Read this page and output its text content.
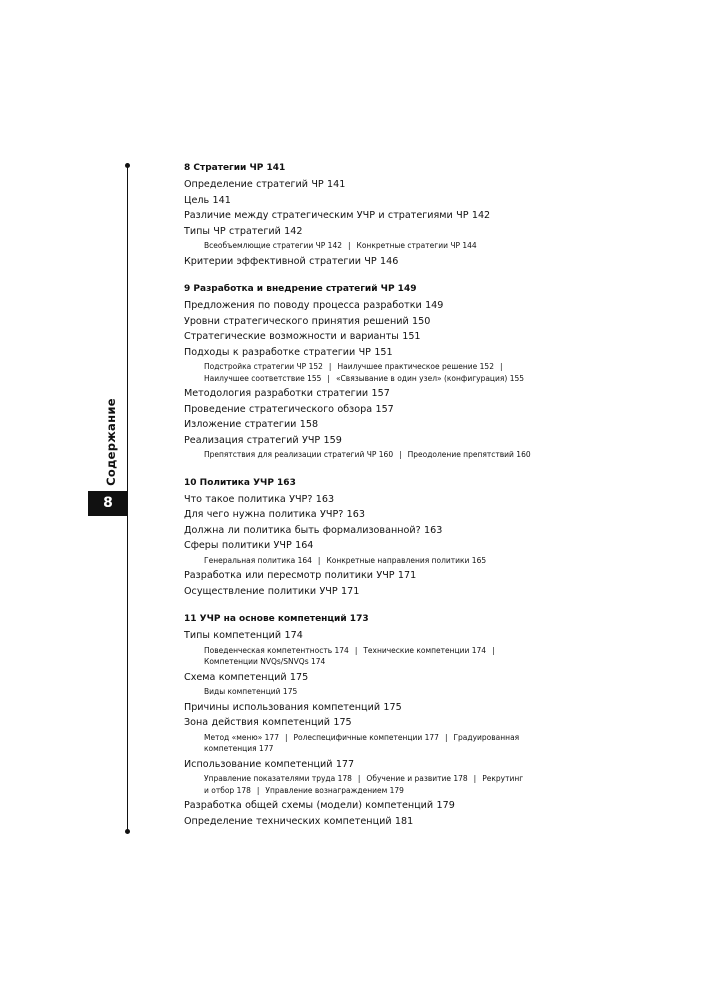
Содержание
8
8 Стратегии ЧР 141
Определение стратегий ЧР 141
Цель 141
Различие между стратегическим УЧР и стратегиями ЧР 142
Типы ЧР стратегий 142
Всеобъемлющие стратегии ЧР 142 | Конкретные стратегии ЧР 144
Критерии эффективной стратегии ЧР 146
9 Разработка и внедрение стратегий ЧР 149
Предложения по поводу процесса разработки 149
Уровни стратегического принятия решений 150
Стратегические возможности и варианты 151
Подходы к разработке стратегии ЧР 151
Подстройка стратегии ЧР 152 | Наилучшее практическое решение 152 |
Наилучшее соответствие 155 | «Связывание в один узел» (конфигурация) 155
Методология разработки стратегии 157
Проведение стратегического обзора 157
Изложение стратегии 158
Реализация стратегий УЧР 159
Препятствия для реализации стратегий ЧР 160 | Преодоление препятствий 160
10 Политика УЧР 163
Что такое политика УЧР? 163
Для чего нужна политика УЧР? 163
Должна ли политика быть формализованной? 163
Сферы политики УЧР 164
Генеральная политика 164 | Конкретные направления политики 165
Разработка или пересмотр политики УЧР 171
Осуществление политики УЧР 171
11 УЧР на основе компетенций 173
Типы компетенций 174
Поведенческая компетентность 174 | Технические компетенции 174 |
Компетенции NVQs/SNVQs 174
Схема компетенций 175
Виды компетенций 175
Причины использования компетенций 175
Зона действия компетенций 175
Метод «меню» 177 | Ролеспецифичные компетенции 177 | Градуированная
компетенция 177
Использование компетенций 177
Управление показателями труда 178 | Обучение и развитие 178 | Рекрутинг
и отбор 178 | Управление вознаграждением 179
Разработка общей схемы (модели) компетенций 179
Определение технических компетенций 181
